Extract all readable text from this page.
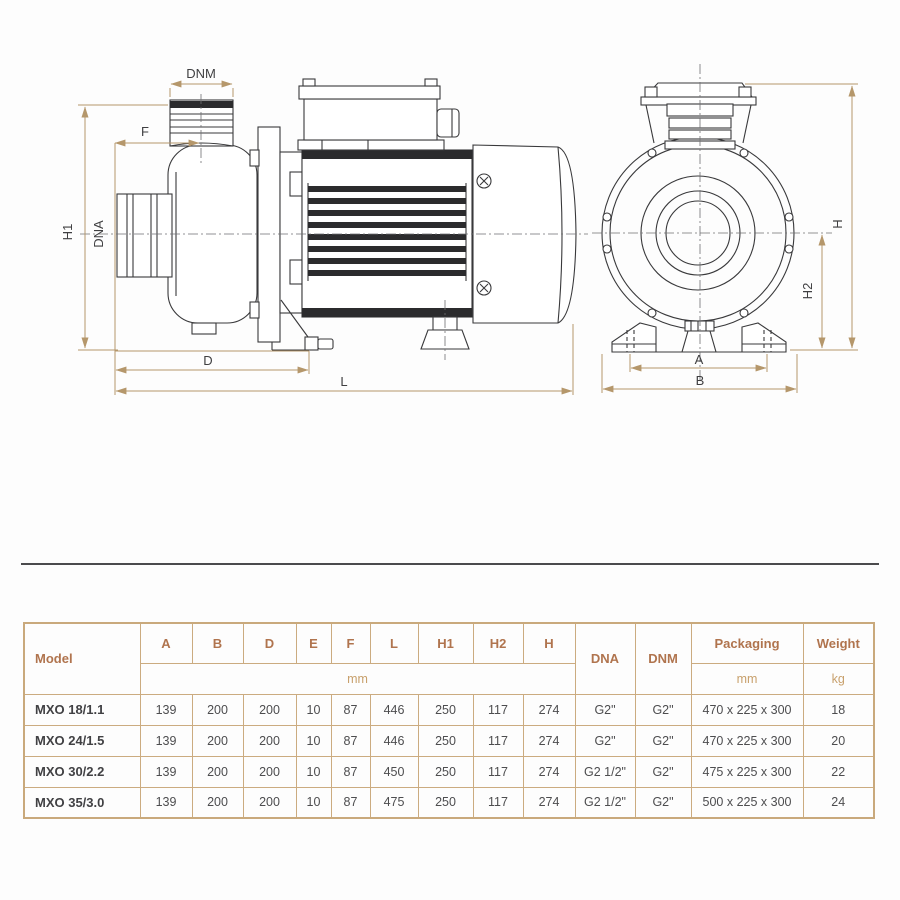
DNM
F
H1 DNA
D
L
A
B
H
H2
Model	A	B	D	E	F	L	H1	H2	H	DNA	DNM	Packaging	Weight
	mm											mm	kg
MXO 18/1.1	139	200	200	10	87	446	250	117	274	G2"	G2"	470 x 225 x 300	18
MXO 24/1.5	139	200	200	10	87	446	250	117	274	G2"	G2"	470 x 225 x 300	20
MXO 30/2.2	139	200	200	10	87	450	250	117	274	G2 1/2"	G2"	475 x 225 x 300	22
MXO 35/3.0	139	200	200	10	87	475	250	117	274	G2 1/2"	G2"	500 x 225 x 300	24
